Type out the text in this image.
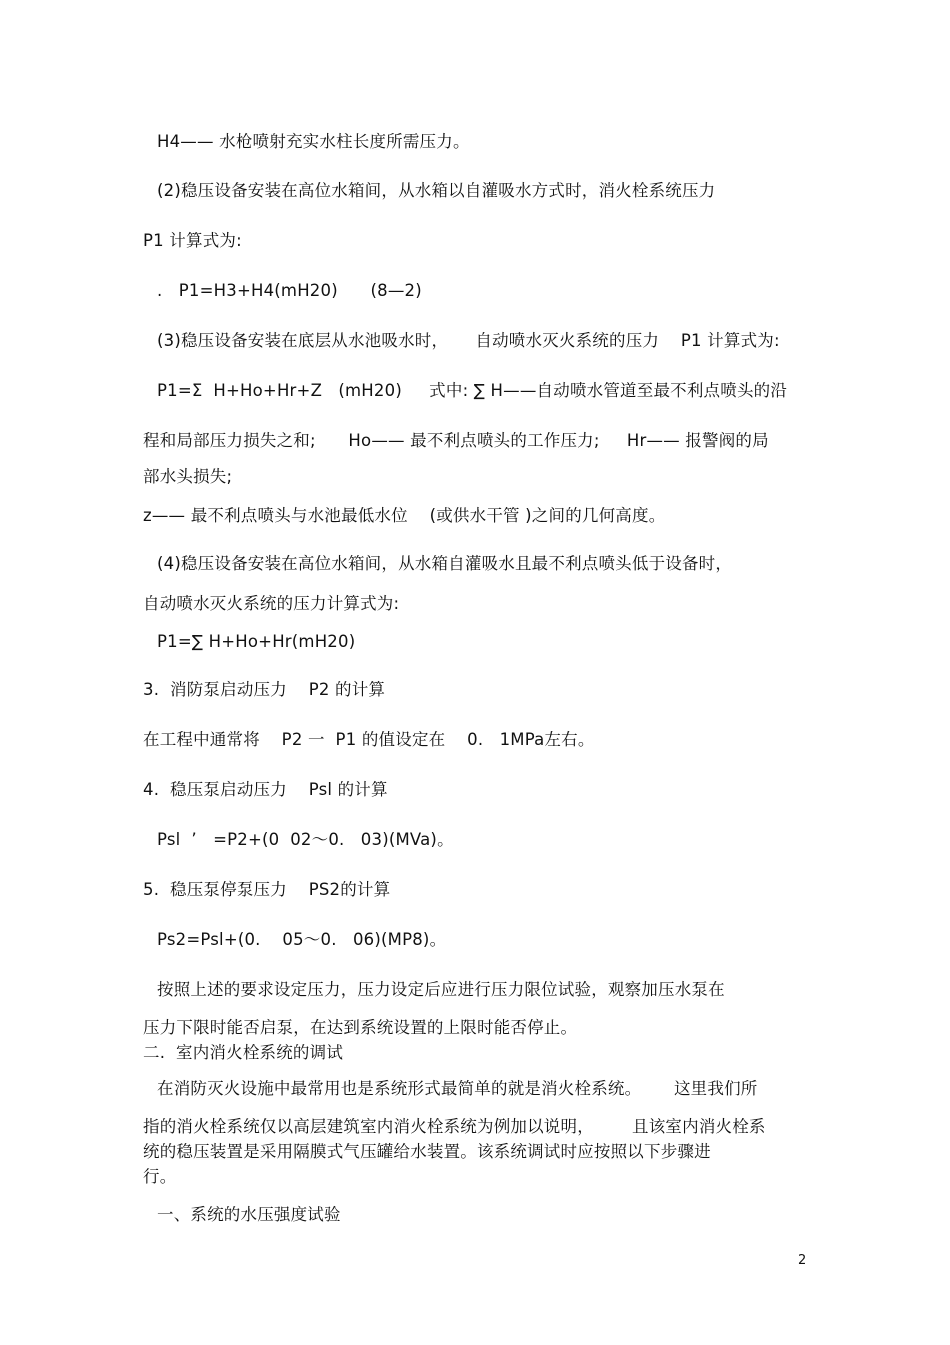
H4—— 水枪喷射充实水柱长度所需压力。
(2)稳压设备安装在高位水箱间，从水箱以自灌吸水方式时，消火栓系统压力
P1 计算式为:
.   P1=H3+H4(mH20)      (8—2)
(3)稳压设备安装在底层从水池吸水时，     自动喷水灭火系统的压力    P1 计算式为:
P1=Σ  H+Ho+Hr+Z   (mH20)     式中: ∑ H——自动喷水管道至最不利点喷头的沿
程和局部压力损失之和;      Ho—— 最不利点喷头的工作压力;     Hr—— 报警阀的局
部水头损失;
z—— 最不利点喷头与水池最低水位    (或供水干管 )之间的几何高度。
(4)稳压设备安装在高位水箱间，从水箱自灌吸水且最不利点喷头低于设备时，
自动喷水灭火系统的压力计算式为:
P1=∑ H+Ho+Hr(mH20)
3.  消防泵启动压力    P2 的计算
在工程中通常将    P2 一  P1 的值设定在    0.   1MPa左右。
4.  稳压泵启动压力    Psl 的计算
Psl  ’   =P2+(0  02～0.   03)(MVa)。
5.  稳压泵停泵压力    PS2的计算
Ps2=Psl+(0.    05～0.   06)(MP8)。
按照上述的要求设定压力，压力设定后应进行压力限位试验，观察加压水泵在
压力下限时能否启泵，在达到系统设置的上限时能否停止。
二.  室内消火栓系统的调试
在消防灭火设施中最常用也是系统形式最简单的就是消火栓系统。      这里我们所
指的消火栓系统仅以高层建筑室内消火栓系统为例加以说明，       且该室内消火栓系
统的稳压装置是采用隔膜式气压罐给水装置。该系统调试时应按照以下步骤进
行。
一、系统的水压强度试验
2
